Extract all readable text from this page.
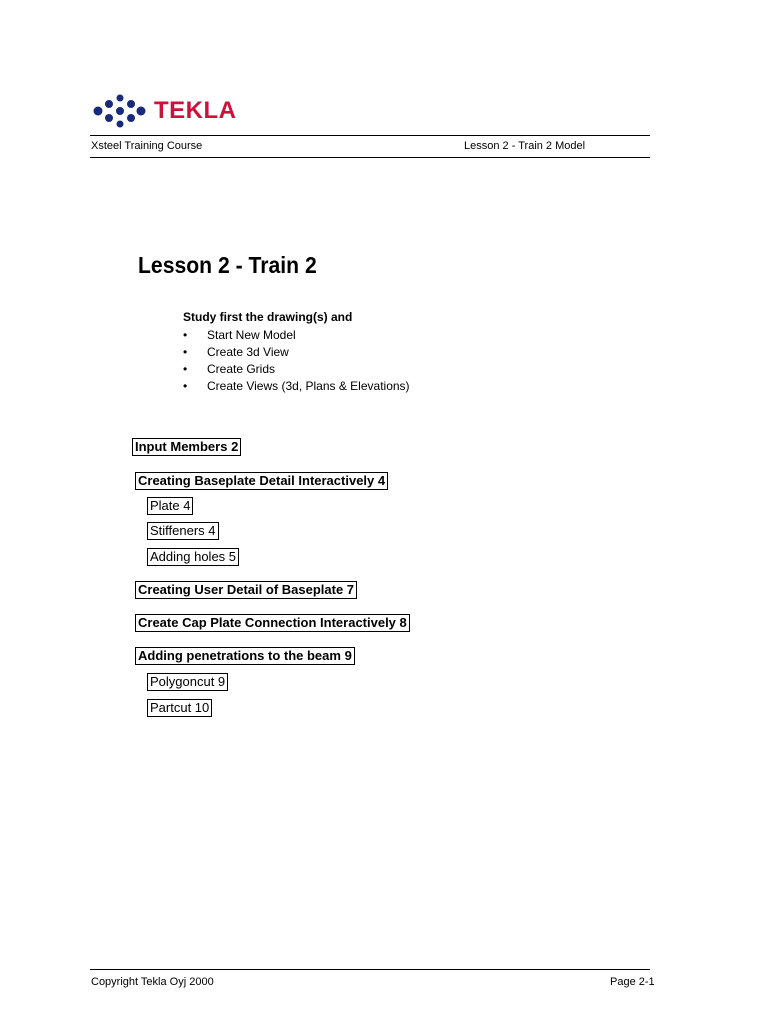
TEKLA
Xsteel Training Course	Lesson 2 - Train 2 Model
Lesson 2 - Train 2
Study first the drawing(s) and
•	Start New Model
•	Create 3d View
•	Create Grids
•	Create Views (3d, Plans & Elevations)
Input Members 2
Creating Baseplate Detail Interactively 4
Plate 4
Stiffeners 4
Adding holes 5
Creating User Detail of Baseplate 7
Create Cap Plate Connection Interactively 8
Adding penetrations to the beam 9
Polygoncut 9
Partcut 10
Copyright Tekla Oyj 2000	Page 2-1
